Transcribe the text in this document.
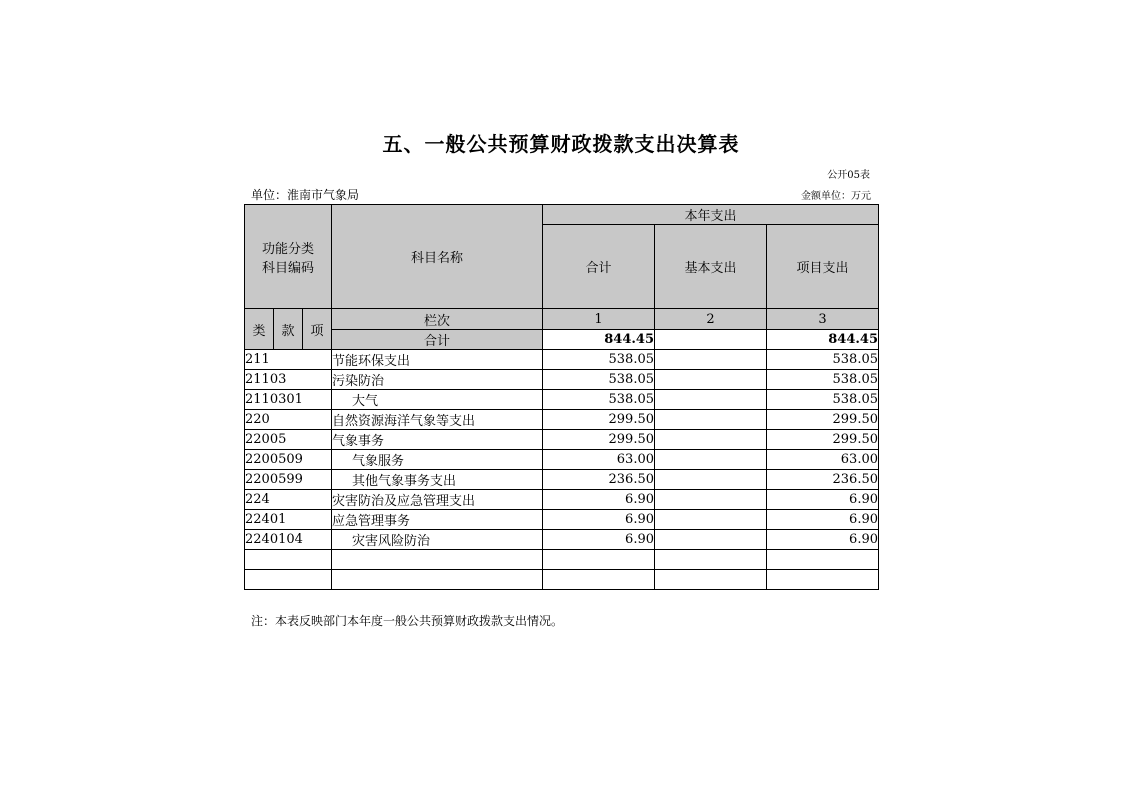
五、一般公共预算财政拨款支出决算表
公开05表
单位：淮南市气象局	金额单位：万元
功能分类
科目编码			科目名称	本年支出		
				合计	基本支出	项目支出
类	款	项	栏次	1	2	3
			合计	844.45		844.45
211			节能环保支出	538.05		538.05
21103			污染防治	538.05		538.05
2110301			大气	538.05		538.05
220			自然资源海洋气象等支出	299.50		299.50
22005			气象事务	299.50		299.50
2200509			气象服务	63.00		63.00
2200599			其他气象事务支出	236.50		236.50
224			灾害防治及应急管理支出	6.90		6.90
22401			应急管理事务	6.90		6.90
2240104			灾害风险防治	6.90		6.90

注：本表反映部门本年度一般公共预算财政拨款支出情况。
